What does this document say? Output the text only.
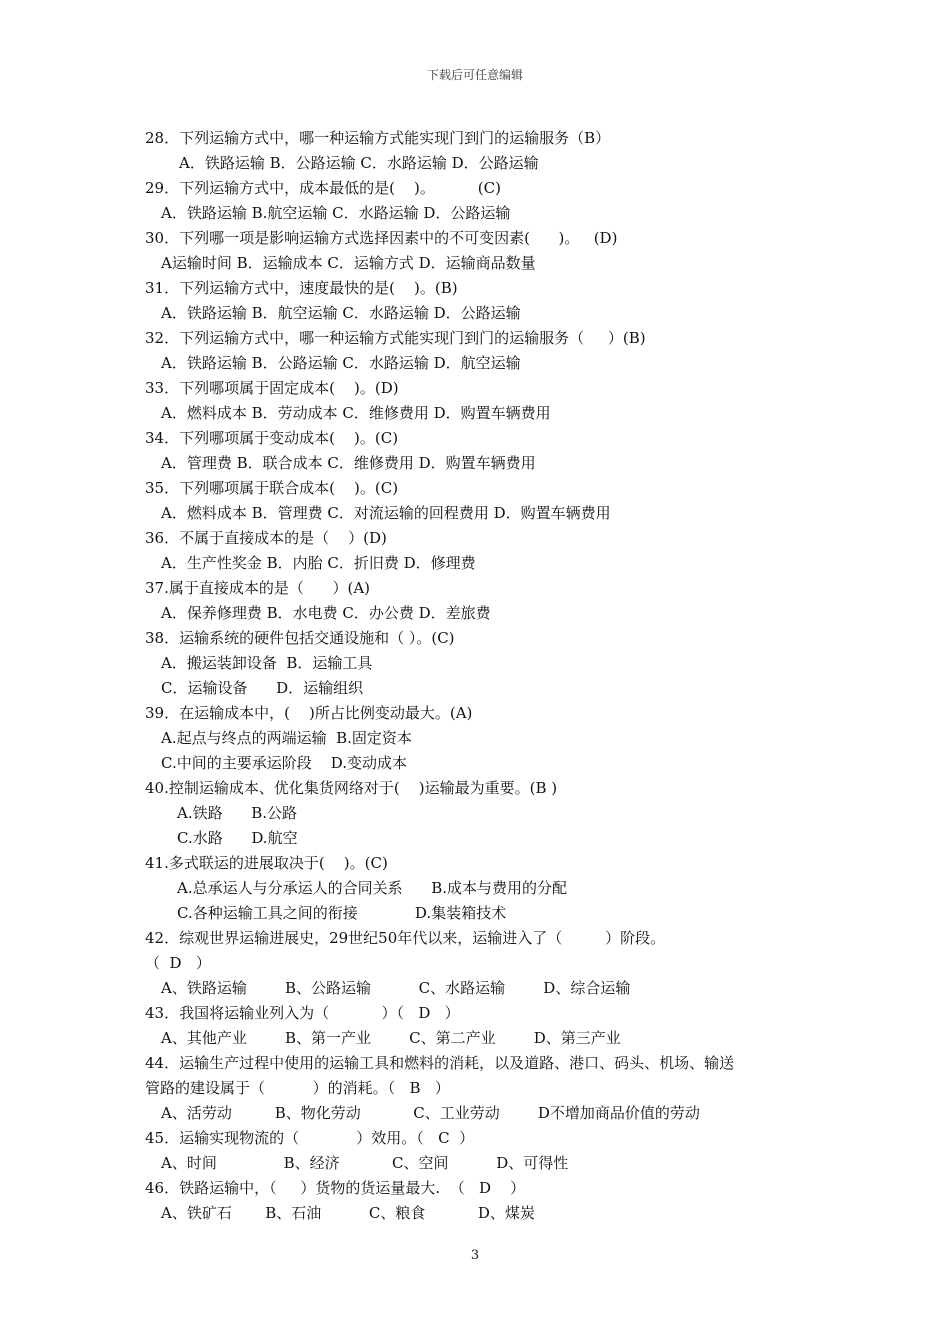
下载后可任意编辑
28．下列运输方式中，哪一种运输方式能实现门到门的运输服务（B）
A．铁路运输 B．公路运输 C．水路运输 D．公路运输
29．下列运输方式中，成本最低的是(    )。         (C)
A．铁路运输 B.航空运输 C．水路运输 D．公路运输
30．下列哪一项是影响运输方式选择因素中的不可变因素(      )。   (D)
A运输时间 B．运输成本 C．运输方式 D．运输商品数量
31．下列运输方式中，速度最快的是(    )。(B)
A．铁路运输 B．航空运输 C．水路运输 D．公路运输
32．下列运输方式中，哪一种运输方式能实现门到门的运输服务（     ）(B)
A．铁路运输 B．公路运输 C．水路运输 D．航空运输
33．下列哪项属于固定成本(    )。(D)
A．燃料成本 B．劳动成本 C．维修费用 D．购置车辆费用
34．下列哪项属于变动成本(    )。(C)
A．管理费 B．联合成本 C．维修费用 D．购置车辆费用
35．下列哪项属于联合成本(    )。(C)
A．燃料成本 B．管理费 C．对流运输的回程费用 D．购置车辆费用
36．不属于直接成本的是（    ）(D)
A．生产性奖金 B．内胎 C．折旧费 D．修理费
37.属于直接成本的是（      ）(A)
A．保养修理费 B．水电费 C．办公费 D．差旅费
38．运输系统的硬件包括交通设施和（ ）。(C)
A．搬运装卸设备  B．运输工具
C．运输设备      D．运输组织
39．在运输成本中，(    )所占比例变动最大。(A)
A.起点与终点的两端运输  B.固定资本
C.中间的主要承运阶段    D.变动成本
40.控制运输成本、优化集货网络对于(    )运输最为重要。(B )
A.铁路      B.公路
C.水路      D.航空
41.多式联运的进展取决于(    )。(C)
A.总承运人与分承运人的合同关系      B.成本与费用的分配
C.各种运输工具之间的衔接            D.集装箱技术
42．综观世界运输进展史，29世纪50年代以来，运输进入了（         ）阶段。
（  D   ）
A、铁路运输        B、公路运输          C、水路运输        D、综合运输
43．我国将运输业列入为（           ）（   D   ）
A、其他产业        B、第一产业        C、第二产业        D、第三产业
44．运输生产过程中使用的运输工具和燃料的消耗，以及道路、港口、码头、机场、输送
管路的建设属于（          ）的消耗。（   B   ）
A、活劳动         B、物化劳动           C、工业劳动        D不增加商品价值的劳动
45．运输实现物流的（            ）效用。（   C  ）
A、时间              B、经济           C、空间          D、可得性
46．铁路运输中，（     ）货物的货运量最大.  （   D    ）
A、铁矿石       B、石油          C、粮食           D、煤炭
3
